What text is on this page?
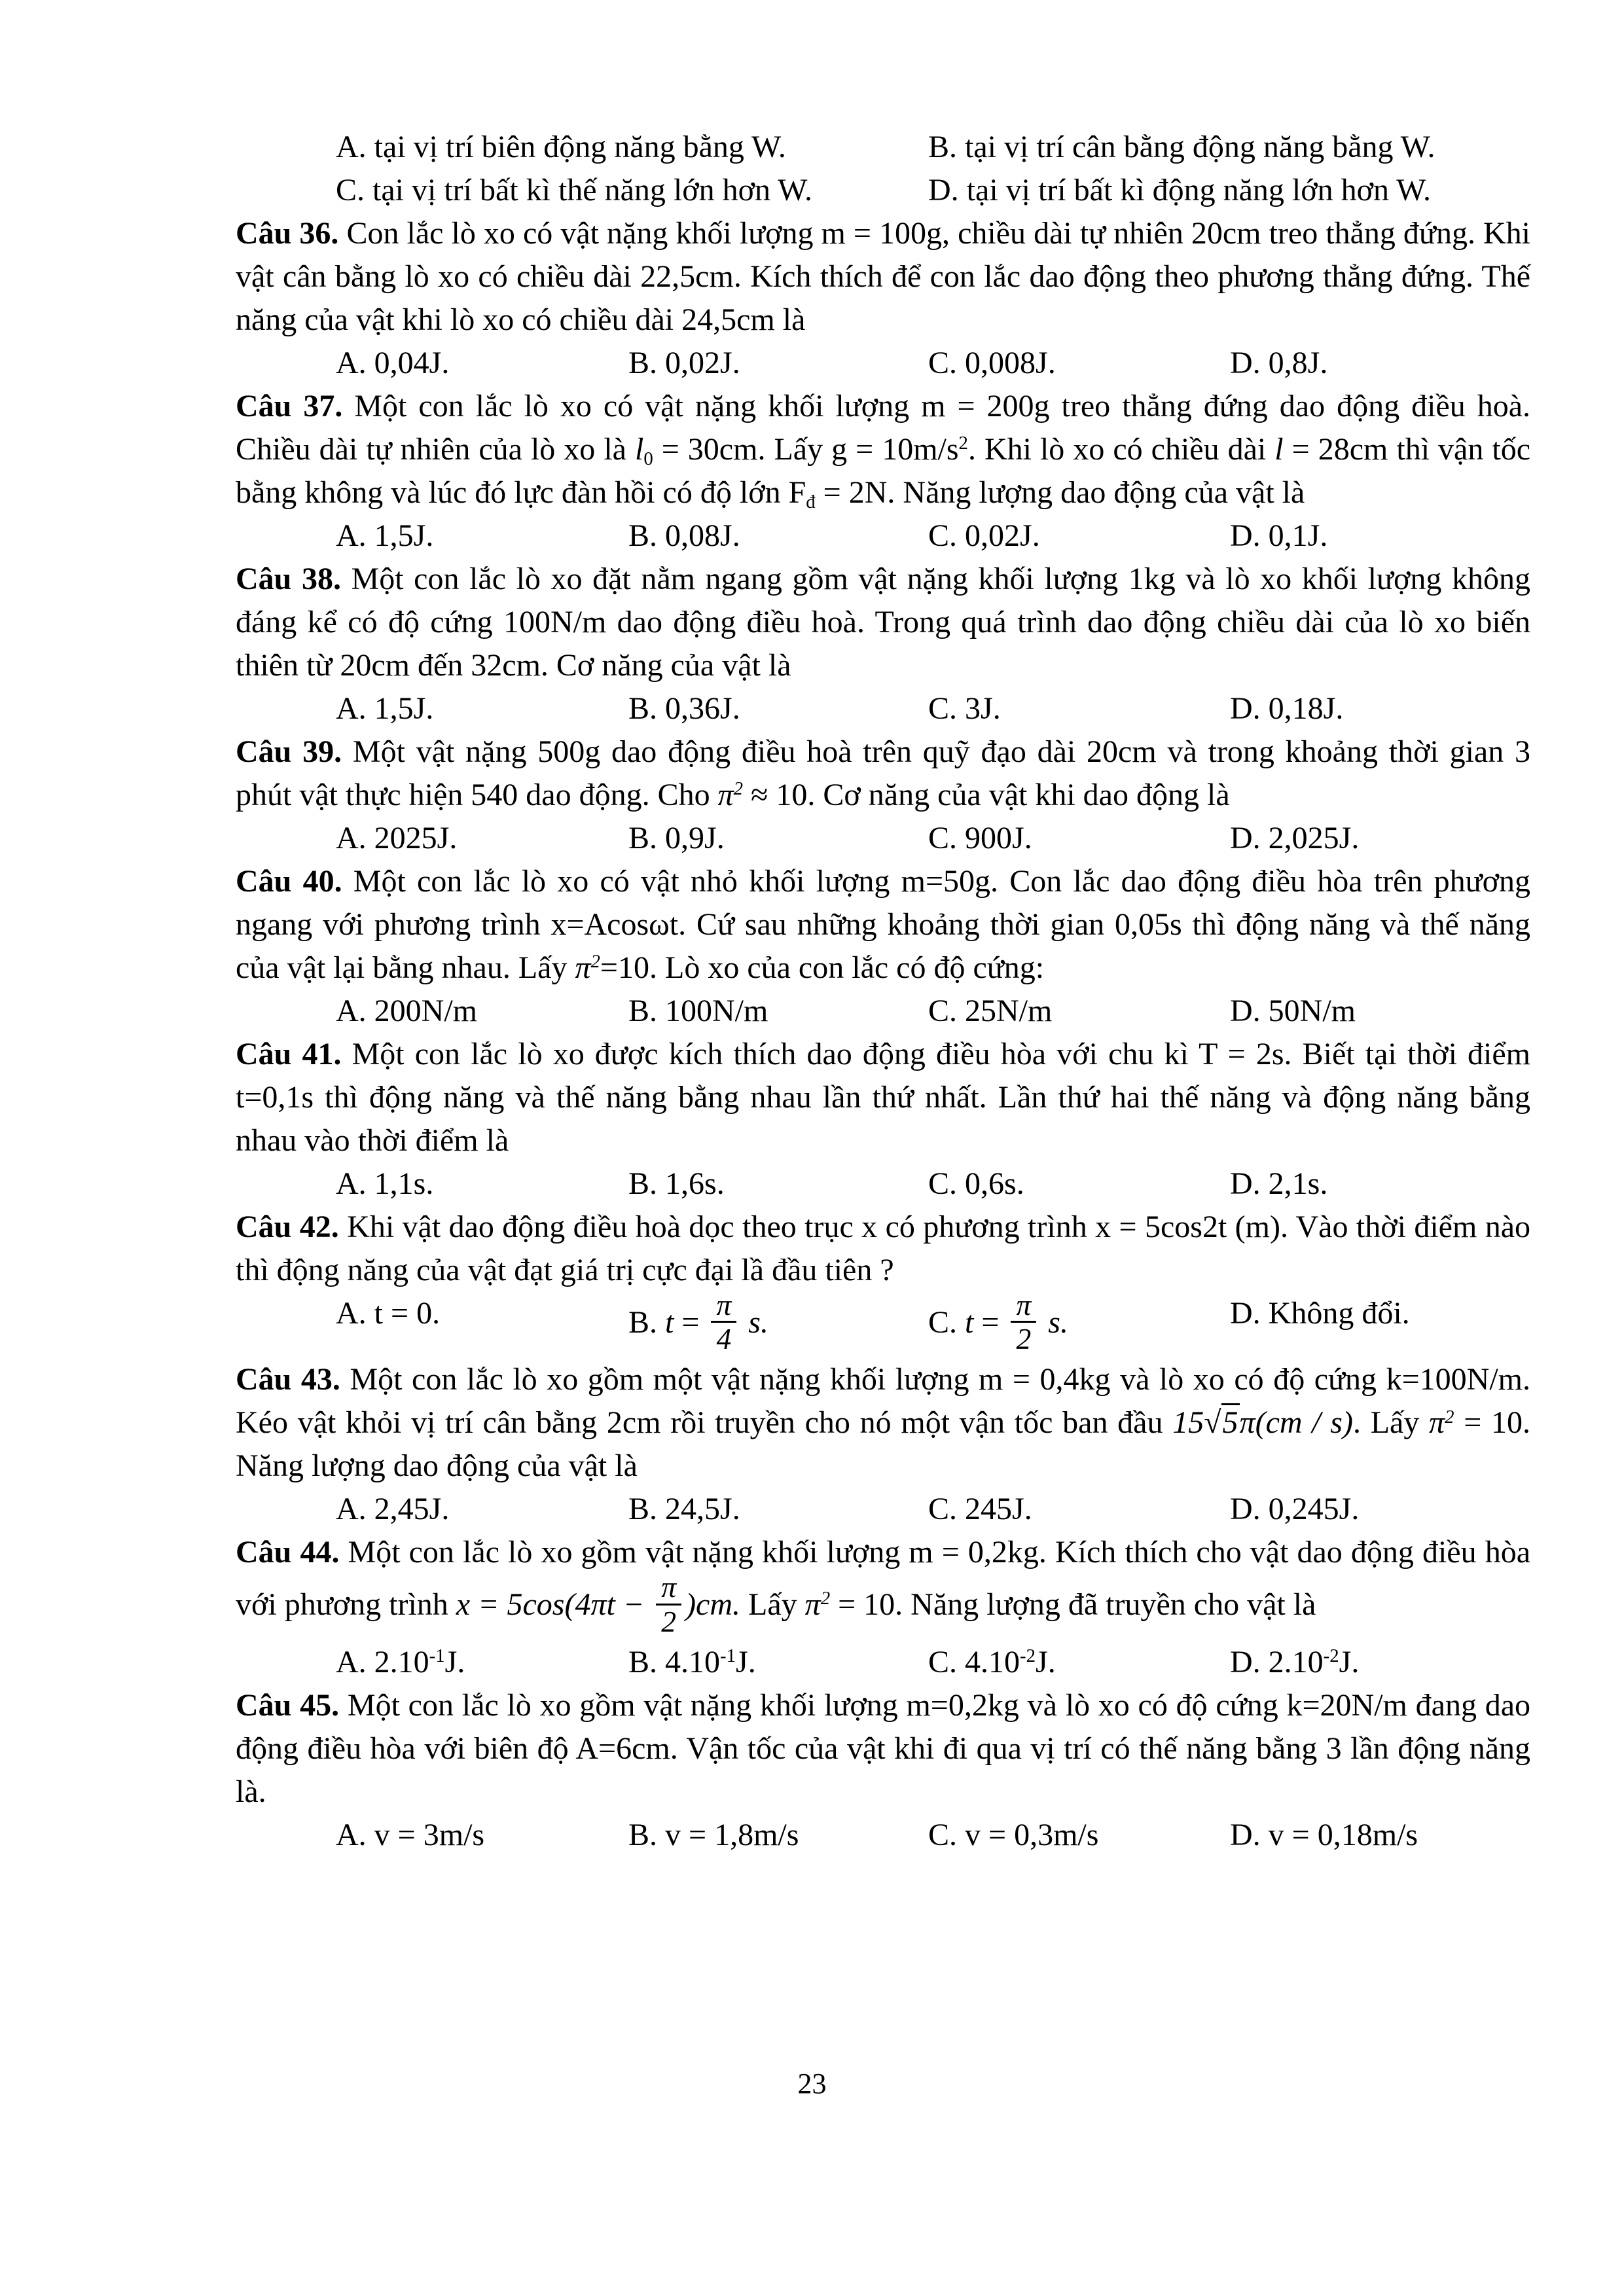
A. tại vị trí biên động năng bằng W.	B. tại vị trí cân bằng động năng bằng W.
C. tại vị trí bất kì thế năng lớn hơn W.	D. tại vị trí bất kì động năng lớn hơn W.
Câu 36. Con lắc lò xo có vật nặng khối lượng m = 100g, chiều dài tự nhiên 20cm treo thẳng đứng. Khi vật cân bằng lò xo có chiều dài 22,5cm. Kích thích để con lắc dao động theo phương thẳng đứng. Thế năng của vật khi lò xo có chiều dài 24,5cm là
A. 0,04J.	B. 0,02J.	C. 0,008J.	D. 0,8J.
Câu 37. Một con lắc lò xo có vật nặng khối lượng m = 200g treo thẳng đứng dao động điều hoà. Chiều dài tự nhiên của lò xo là $l_0 = 30cm$. Lấy $g = 10m/s^2$. Khi lò xo có chiều dài l = 28cm thì vận tốc bằng không và lúc đó lực đàn hồi có độ lớn $F_đ = 2N$. Năng lượng dao động của vật là
A. 1,5J.	B. 0,08J.	C. 0,02J.	D. 0,1J.
Câu 38. Một con lắc lò xo đặt nằm ngang gồm vật nặng khối lượng 1kg và lò xo khối lượng không đáng kể có độ cứng 100N/m dao động điều hoà. Trong quá trình dao động chiều dài của lò xo biến thiên từ 20cm đến 32cm. Cơ năng của vật là
A. 1,5J.	B. 0,36J.	C. 3J.	D. 0,18J.
Câu 39. Một vật nặng 500g dao động điều hoà trên quỹ đạo dài 20cm và trong khoảng thời gian 3 phút vật thực hiện 540 dao động. Cho $\pi^2 \approx 10$. Cơ năng của vật khi dao động là
A. 2025J.	B. 0,9J.	C. 900J.	D. 2,025J.
Câu 40. Một con lắc lò xo có vật nhỏ khối lượng m=50g. Con lắc dao động điều hòa trên phương ngang với phương trình x=Acosωt. Cứ sau những khoảng thời gian 0,05s thì động năng và thế năng của vật lại bằng nhau. Lấy $\pi^2=10$. Lò xo của con lắc có độ cứng:
A. 200N/m	B. 100N/m	C. 25N/m	D. 50N/m
Câu 41. Một con lắc lò xo được kích thích dao động điều hòa với chu kì T = 2s. Biết tại thời điểm t=0,1s thì động năng và thế năng bằng nhau lần thứ nhất. Lần thứ hai thế năng và động năng bằng nhau vào thời điểm là
A. 1,1s.	B. 1,6s.	C. 0,6s.	D. 2,1s.
Câu 42. Khi vật dao động điều hoà dọc theo trục x có phương trình x = 5cos2t (m). Vào thời điểm nào thì động năng của vật đạt giá trị cực đại lầ đầu tiên ?
A. t = 0.	B. $t = \frac{\pi}{4} s$.	C. $t = \frac{\pi}{2} s$.	D. Không đổi.
Câu 43. Một con lắc lò xo gồm một vật nặng khối lượng m = 0,4kg và lò xo có độ cứng k=100N/m. Kéo vật khỏi vị trí cân bằng 2cm rồi truyền cho nó một vận tốc ban đầu 15√5π(cm / s). Lấy $\pi^2 = 10$. Năng lượng dao động của vật là
A. 2,45J.	B. 24,5J.	C. 245J.	D. 0,245J.
Câu 44. Một con lắc lò xo gồm vật nặng khối lượng m = 0,2kg. Kích thích cho vật dao động điều hòa với phương trình $x = 5\cos(4\pi t - \frac{\pi}{2} )cm$. Lấy $\pi^2 = 10$. Năng lượng đã truyền cho vật là
A. $2.10^{-1}J$.	B. $4.10^{-1}J$.	C. $4.10^{-2}J$.	D. $2.10^{-2}J$.
Câu 45. Một con lắc lò xo gồm vật nặng khối lượng m=0,2kg và lò xo có độ cứng k=20N/m đang dao động điều hòa với biên độ A=6cm. Vận tốc của vật khi đi qua vị trí có thế năng bằng 3 lần động năng là.
A. v = 3m/s	B. v = 1,8m/s	C. v = 0,3m/s	D. v = 0,18m/s
23
